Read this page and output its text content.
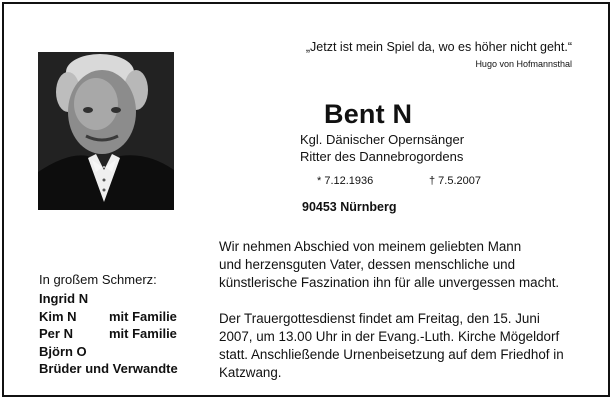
„Jetzt ist mein Spiel da, wo es höher nicht geht.“
Hugo von Hofmannsthal
Bent N
Kgl. Dänischer Opernsänger
Ritter des Dannebrogordens
* 7.12.1936	† 7.5.2007
90453 Nürnberg
Wir nehmen Abschied von meinem geliebten Mann
und herzensguten Vater, dessen menschliche und
künstlerische Faszination ihn für alle unvergessen macht.
Der Trauergottesdienst findet am Freitag, den 15. Juni
2007, um 13.00 Uhr in der Evang.-Luth. Kirche Mögeldorf
statt. Anschließende Urnenbeisetzung auf dem Friedhof in
Katzwang.
In großem Schmerz:
Ingrid N
Kim N	mit Familie
Per N	mit Familie
Björn O
Brüder und Verwandte
